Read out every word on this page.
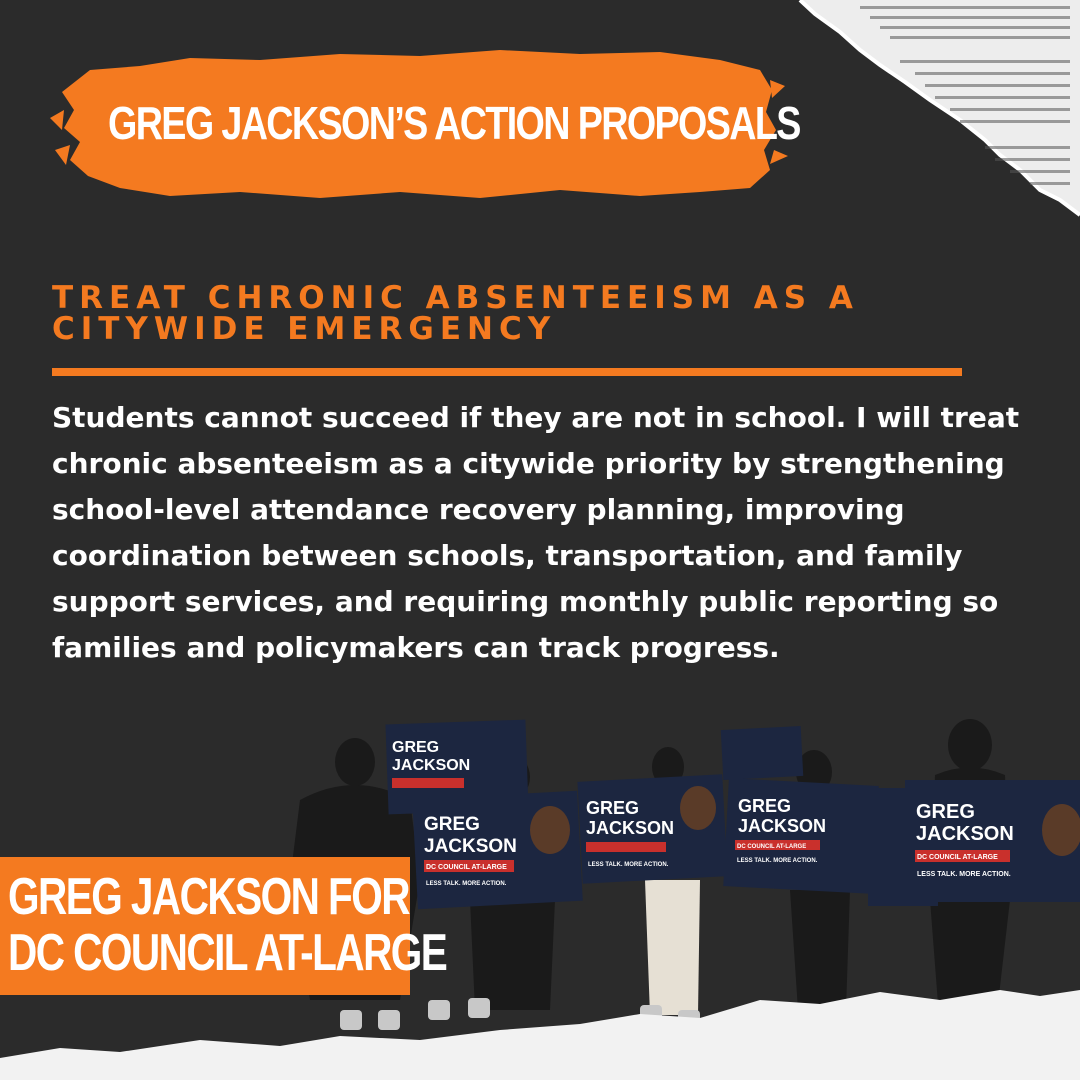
GREG JACKSON’S ACTION PROPOSALS
TREAT CHRONIC ABSENTEEISM AS A
CITYWIDE EMERGENCY
Students cannot succeed if they are not in school. I will treat chronic absenteeism as a citywide priority by strengthening school-level attendance recovery planning, improving coordination between schools, transportation, and family support services, and requiring monthly public reporting so families and policymakers can track progress.
GREG
JACKSON
GREG
JACKSON
DC COUNCIL AT-LARGE
LESS TALK. MORE ACTION.
GREG
JACKSON
LESS TALK. MORE ACTION.
GREG
JACKSON
DC COUNCIL AT-LARGE
LESS TALK. MORE ACTION.
GREG
JACKSON
DC COUNCIL AT-LARGE
LESS TALK. MORE ACTION.
GREG JACKSON FOR
DC COUNCIL AT-LARGE
